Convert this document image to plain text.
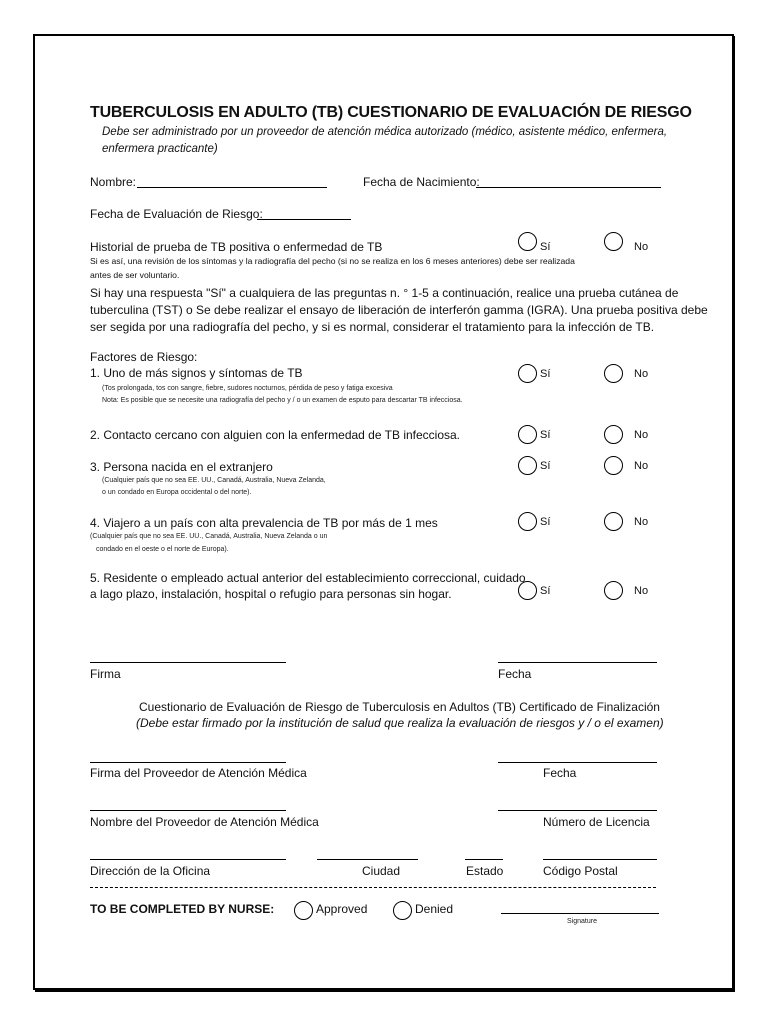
TUBERCULOSIS EN ADULTO (TB) CUESTIONARIO DE EVALUACIÓN DE RIESGO
Debe ser administrado por un proveedor de atención médica autorizado (médico, asistente médico, enfermera,
enfermera practicante)
Nombre:	Fecha de Nacimiento:
Fecha de Evaluación de Riesgo:
Historial de prueba de TB positiva o enfermedad de TB	Sí	No
Si es así, una revisión de los síntomas y la radiografía del pecho (si no se realiza en los 6 meses anteriores) debe ser realizada
antes de ser voluntario.
Si hay una respuesta "Sí" a cualquiera de las preguntas n. ° 1-5 a continuación, realice una prueba cutánea de
tuberculina (TST) o Se debe realizar el ensayo de liberación de interferón gamma (IGRA). Una prueba positiva debe
ser segida por una radiografía del pecho, y si es normal, considerar el tratamiento para la infección de TB.
Factores de Riesgo:
1. Uno de más signos y síntomas de TB	Sí	No
(Tos prolongada, tos con sangre, fiebre, sudores nocturnos, pérdida de peso y fatiga excesiva
Nota: Es posible que se necesite una radiografía del pecho y / o un examen de esputo para descartar TB infecciosa.
2. Contacto cercano con alguien con la enfermedad de TB infecciosa.	Sí	No
3. Persona nacida en el extranjero	Sí	No
(Cualquier país que no sea EE. UU., Canadá, Australia, Nueva Zelanda,
o un condado en Europa occidental o del norte).
4. Viajero a un país con alta prevalencia de TB por más de 1 mes	Sí	No
(Cualquier país que no sea EE. UU., Canadá, Australia, Nueva Zelanda o un
condado en el oeste o el norte de Europa).
5. Residente o empleado actual anterior del establecimiento correccional, cuidado
a lago plazo, instalación, hospital o refugio para personas sin hogar.	Sí	No
Firma	Fecha
Cuestionario de Evaluación de Riesgo de Tuberculosis en Adultos (TB) Certificado de Finalización
(Debe estar firmado por la institución de salud que realiza la evaluación de riesgos y / o el examen)
Firma del Proveedor de Atención Médica	Fecha
Nombre del Proveedor de Atención Médica	Número de Licencia
Dirección de la Oficina	Ciudad	Estado	Código Postal
TO BE COMPLETED BY NURSE:	Approved	Denied
Signature
